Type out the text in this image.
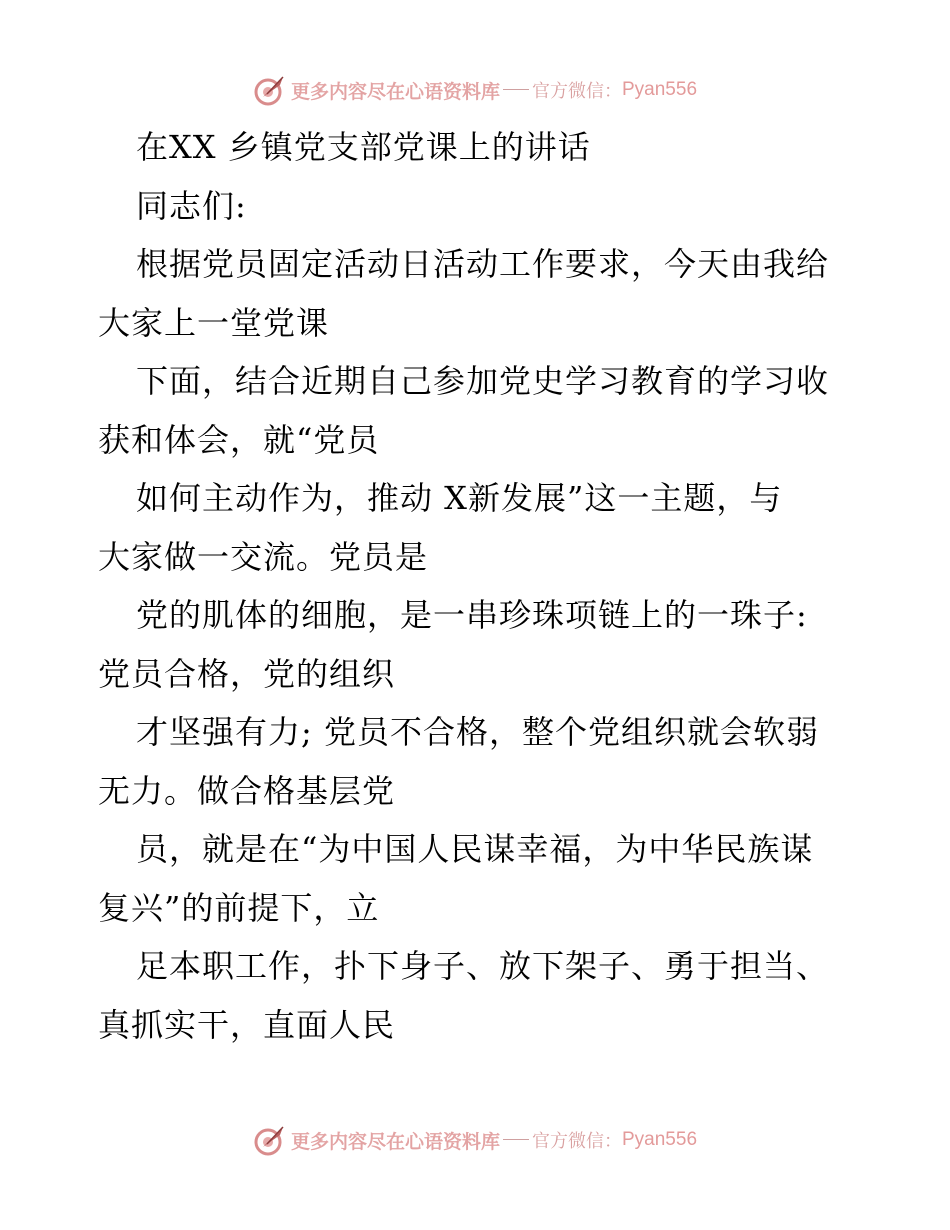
更多内容尽在心语资料库 官方微信： Pyan556
在XX 乡镇党支部党课上的讲话
同志们:
根据党员固定活动日活动工作要求，今天由我给
大家上一堂党课
下面，结合近期自己参加党史学习教育的学习收
获和体会，就“党员
如何主动作为，推动 X新发展”这一主题，与
大家做一交流。党员是
党的肌体的细胞，是一串珍珠项链上的一珠子:
党员合格，党的组织
才坚强有力; 党员不合格，整个党组织就会软弱
无力。做合格基层党
员，就是在“为中国人民谋幸福，为中华民族谋
复兴”的前提下，立
足本职工作，扑下身子、放下架子、勇于担当、
真抓实干，直面人民
更多内容尽在心语资料库 官方微信： Pyan556
